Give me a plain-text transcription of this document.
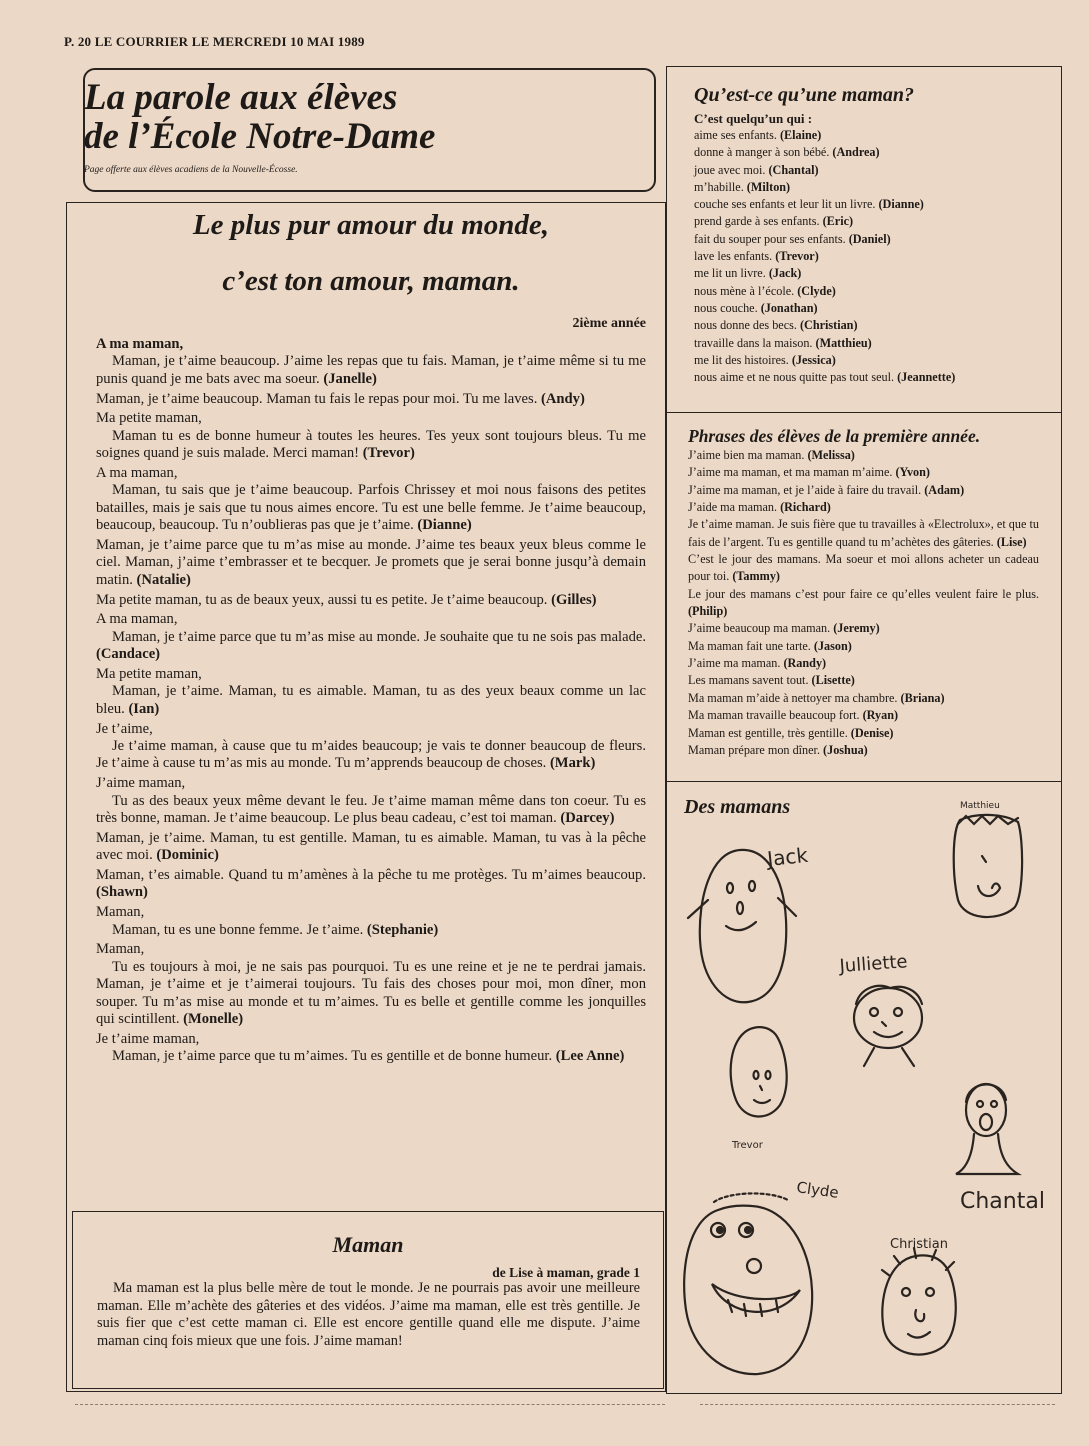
P. 20 LE COURRIER LE MERCREDI 10 MAI 1989
La parole aux élèves
de l’École Notre-Dame
Page offerte aux élèves acadiens de la Nouvelle-Écosse.
Le plus pur amour du monde,
c’est ton amour, maman.
2ième année
A ma maman,

Maman, je t’aime beaucoup. J’aime les repas que tu fais. Maman, je t’aime même si tu me punis quand je me bats avec ma soeur. (Janelle)

Maman, je t’aime beaucoup. Maman tu fais le repas pour moi. Tu me laves. (Andy)

Ma petite maman,

Maman tu es de bonne humeur à toutes les heures. Tes yeux sont toujours bleus. Tu me soignes quand je suis malade. Merci maman! (Trevor)

A ma maman,

Maman, tu sais que je t’aime beaucoup. Parfois Chrissey et moi nous faisons des petites batailles, mais je sais que tu nous aimes encore. Tu est une belle femme. Je t’aime beaucoup, beaucoup, beaucoup. Tu n’oublieras pas que je t’aime. (Dianne)

Maman, je t’aime parce que tu m’as mise au monde. J’aime tes beaux yeux bleus comme le ciel. Maman, j’aime t’embrasser et te becquer. Je promets que je serai bonne jusqu’à demain matin. (Natalie)

Ma petite maman, tu as de beaux yeux, aussi tu es petite. Je t’aime beaucoup. (Gilles)

A ma maman,

Maman, je t’aime parce que tu m’as mise au monde. Je souhaite que tu ne sois pas malade. (Candace)

Ma petite maman,

Maman, je t’aime. Maman, tu es aimable. Maman, tu as des yeux beaux comme un lac bleu. (Ian)

Je t’aime,

Je t’aime maman, à cause que tu m’aides beaucoup; je vais te donner beaucoup de fleurs. Je t’aime à cause tu m’as mis au monde. Tu m’apprends beaucoup de choses. (Mark)

J’aime maman,

Tu as des beaux yeux même devant le feu. Je t’aime maman même dans ton coeur. Tu es très bonne, maman. Je t’aime beaucoup. Le plus beau cadeau, c’est toi maman. (Darcey)

Maman, je t’aime. Maman, tu est gentille. Maman, tu es aimable. Maman, tu vas à la pêche avec moi. (Dominic)

Maman, t’es aimable. Quand tu m’amènes à la pêche tu me protèges. Tu m’aimes beaucoup. (Shawn)

Maman,

Maman, tu es une bonne femme. Je t’aime. (Stephanie)

Maman,

Tu es toujours à moi, je ne sais pas pourquoi. Tu es une reine et je ne te perdrai jamais. Maman, je t’aime et je t’aimerai toujours. Tu fais des choses pour moi, mon dîner, mon souper. Tu m’as mise au monde et tu m’aimes. Tu es belle et gentille comme les jonquilles qui scintillent. (Monelle)

Je t’aime maman,

Maman, je t’aime parce que tu m’aimes. Tu es gentille et de bonne humeur. (Lee Anne)

Maman
de Lise à maman, grade 1

Ma maman est la plus belle mère de tout le monde. Je ne pourrais pas avoir une meilleure maman. Elle m’achète des gâteries et des vidéos. J’aime ma maman, elle est très gentille. Je suis fier que c’est cette maman ci. Elle est encore gentille quand elle me dispute. J’aime maman cinq fois mieux que une fois. J’aime maman!

Qu’est-ce qu’une maman?
C’est quelqu’un qui :
aime ses enfants. (Elaine)
donne à manger à son bébé. (Andrea)
joue avec moi. (Chantal)
m’habille. (Milton)
couche ses enfants et leur lit un livre. (Dianne)
prend garde à ses enfants. (Eric)
fait du souper pour ses enfants. (Daniel)
lave les enfants. (Trevor)
me lit un livre. (Jack)
nous mène à l’école. (Clyde)
nous couche. (Jonathan)
nous donne des becs. (Christian)
travaille dans la maison. (Matthieu)
me lit des histoires. (Jessica)
nous aime et ne nous quitte pas tout seul. (Jeannette)
Phrases des élèves de la première année.
J’aime bien ma maman. (Melissa)
J’aime ma maman, et ma maman m’aime. (Yvon)
J’aime ma maman, et je l’aide à faire du travail. (Adam)
J’aide ma maman. (Richard)
Je t’aime maman. Je suis fière que tu travailles à «Electrolux», et que tu fais de l’argent. Tu es gentille quand tu m’achètes des gâteries. (Lise)
C’est le jour des mamans. Ma soeur et moi allons acheter un cadeau pour toi. (Tammy)
Le jour des mamans c’est pour faire ce qu’elles veulent faire le plus. (Philip)
J’aime beaucoup ma maman. (Jeremy)
Ma maman fait une tarte. (Jason)
J’aime ma maman. (Randy)
Les mamans savent tout. (Lisette)
Ma maman m’aide à nettoyer ma chambre. (Briana)
Ma maman travaille beaucoup fort. (Ryan)
Maman est gentille, très gentille. (Denise)
Maman prépare mon dîner. (Joshua)
Des mamans
Jack
Matthieu
Julliette
Trevor
Chantal
Clyde
Christian
